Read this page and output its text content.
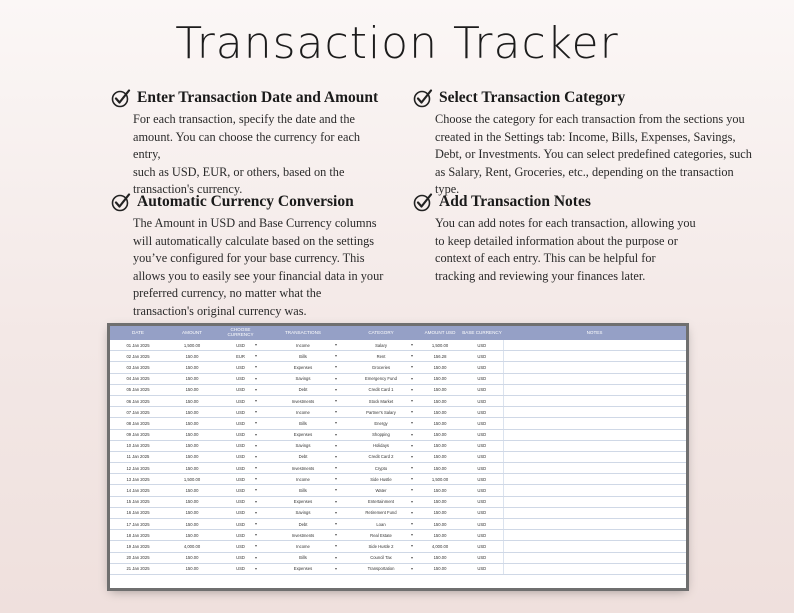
Transaction Tracker
Enter Transaction Date and Amount
For each transaction, specify the date and the
amount. You can choose the currency for each entry,
such as USD, EUR, or others, based on the
transaction's currency.
Select Transaction Category
Choose the category for each transaction from the sections you
created in the Settings tab: Income, Bills, Expenses, Savings,
Debt, or Investments. You can select predefined categories, such
as Salary, Rent, Groceries, etc., depending on the transaction type.
Automatic Currency Conversion
The Amount in USD and Base Currency columns
will automatically calculate based on the settings
you’ve configured for your base currency. This
allows you to easily see your financial data in your
preferred currency, no matter what the
transaction's original currency was.
Add Transaction Notes
You can add notes for each transaction, allowing you
to keep detailed information about the purpose or
context of each entry. This can be helpful for
tracking and reviewing your finances later.
DATE	AMOUNT	CHOOSE CURRENCY	TRANSACTIONS	CATEGORY	AMOUNT USD	BASE CURRENCY	NOTES
01 Jan 2025	1,500.00	USD	Income	Salary	1,500.00	USD	
02 Jan 2025	150.00	EUR	Bills	Rent	156.28	USD	
03 Jan 2025	150.00	USD	Expenses	Groceries	150.00	USD	
04 Jan 2025	150.00	USD	Savings	Emergency Fund	150.00	USD	
05 Jan 2025	150.00	USD	Debt	Credit Card 1	150.00	USD	
06 Jan 2025	150.00	USD	Investments	Stock Market	150.00	USD	
07 Jan 2025	150.00	USD	Income	Partner's Salary	150.00	USD	
08 Jan 2025	150.00	USD	Bills	Energy	150.00	USD	
09 Jan 2025	150.00	USD	Expenses	Shopping	150.00	USD	
10 Jan 2025	150.00	USD	Savings	Holidays	150.00	USD	
11 Jan 2025	150.00	USD	Debt	Credit Card 2	150.00	USD	
12 Jan 2025	150.00	USD	Investments	Crypto	150.00	USD	
13 Jan 2025	1,500.00	USD	Income	Side Hustle	1,500.00	USD	
14 Jan 2025	150.00	USD	Bills	Water	150.00	USD	
15 Jan 2025	150.00	USD	Expenses	Entertainment	150.00	USD	
16 Jan 2025	150.00	USD	Savings	Retirement Fund	150.00	USD	
17 Jan 2025	150.00	USD	Debt	Loan	150.00	USD	
18 Jan 2025	150.00	USD	Investments	Real Estate	150.00	USD	
19 Jan 2025	4,000.00	USD	Income	Side Hustle 2	4,000.00	USD	
20 Jan 2025	150.00	USD	Bills	Council Tax	150.00	USD	
21 Jan 2025	150.00	USD	Expenses	Transportation	150.00	USD	
